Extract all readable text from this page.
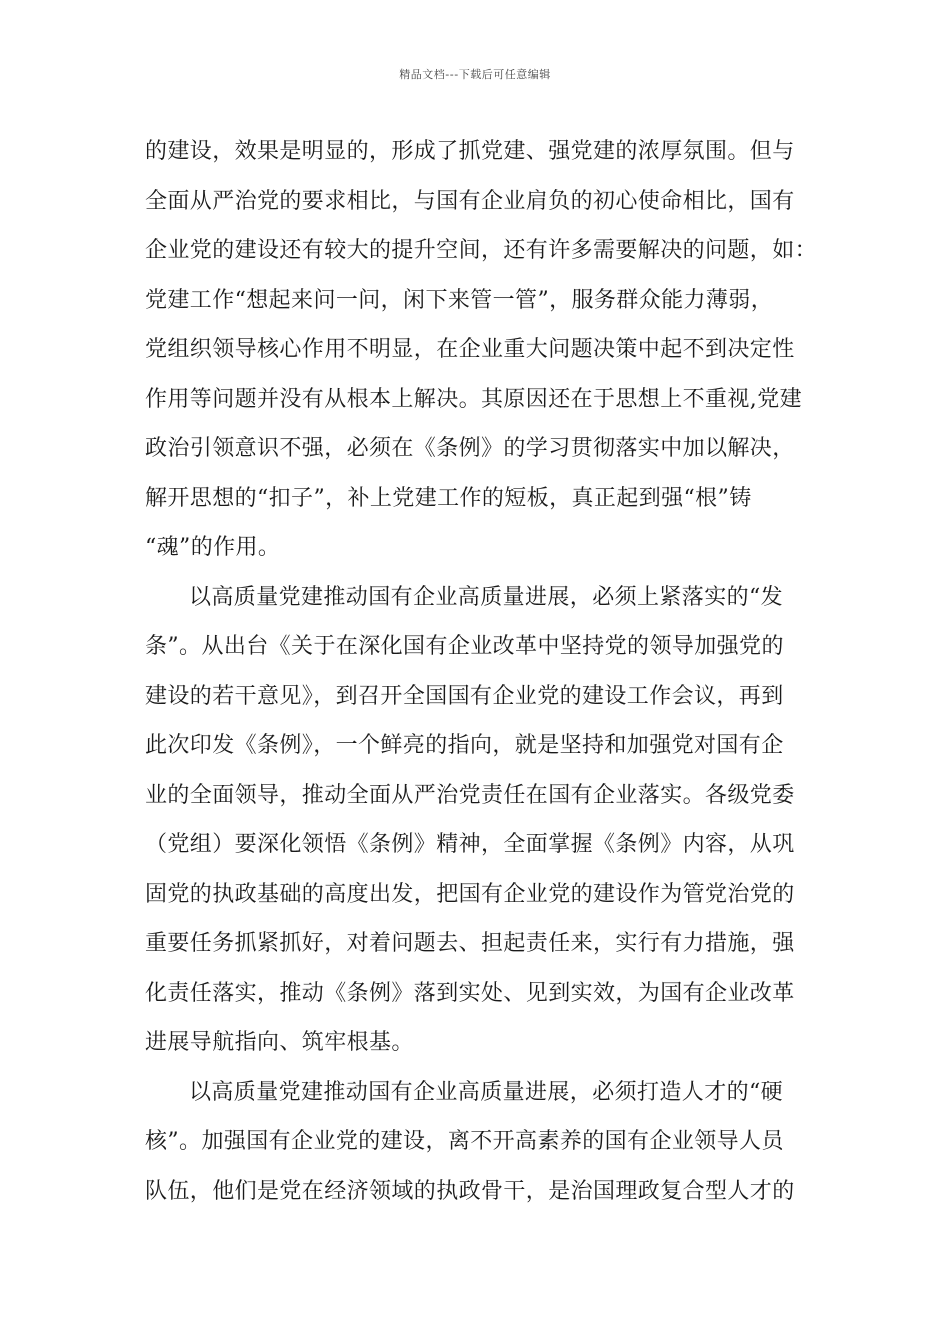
精品文档---下载后可任意编辑
的建设，效果是明显的，形成了抓党建、强党建的浓厚氛围。但与
全面从严治党的要求相比，与国有企业肩负的初心使命相比，国有
企业党的建设还有较大的提升空间，还有许多需要解决的问题，如：
党建工作“想起来问一问，闲下来管一管”，服务群众能力薄弱，
党组织领导核心作用不明显，在企业重大问题决策中起不到决定性
作用等问题并没有从根本上解决。其原因还在于思想上不重视,党建
政治引领意识不强，必须在《条例》的学习贯彻落实中加以解决，
解开思想的“扣子”，补上党建工作的短板，真正起到强“根”铸
“魂”的作用。
以高质量党建推动国有企业高质量进展，必须上紧落实的“发
条”。从出台《关于在深化国有企业改革中坚持党的领导加强党的
建设的若干意见》，到召开全国国有企业党的建设工作会议，再到
此次印发《条例》，一个鲜亮的指向，就是坚持和加强党对国有企
业的全面领导，推动全面从严治党责任在国有企业落实。各级党委
（党组）要深化领悟《条例》精神，全面掌握《条例》内容，从巩
固党的执政基础的高度出发，把国有企业党的建设作为管党治党的
重要任务抓紧抓好，对着问题去、担起责任来，实行有力措施，强
化责任落实，推动《条例》落到实处、见到实效，为国有企业改革
进展导航指向、筑牢根基。
以高质量党建推动国有企业高质量进展，必须打造人才的“硬
核”。加强国有企业党的建设，离不开高素养的国有企业领导人员
队伍，他们是党在经济领域的执政骨干，是治国理政复合型人才的
